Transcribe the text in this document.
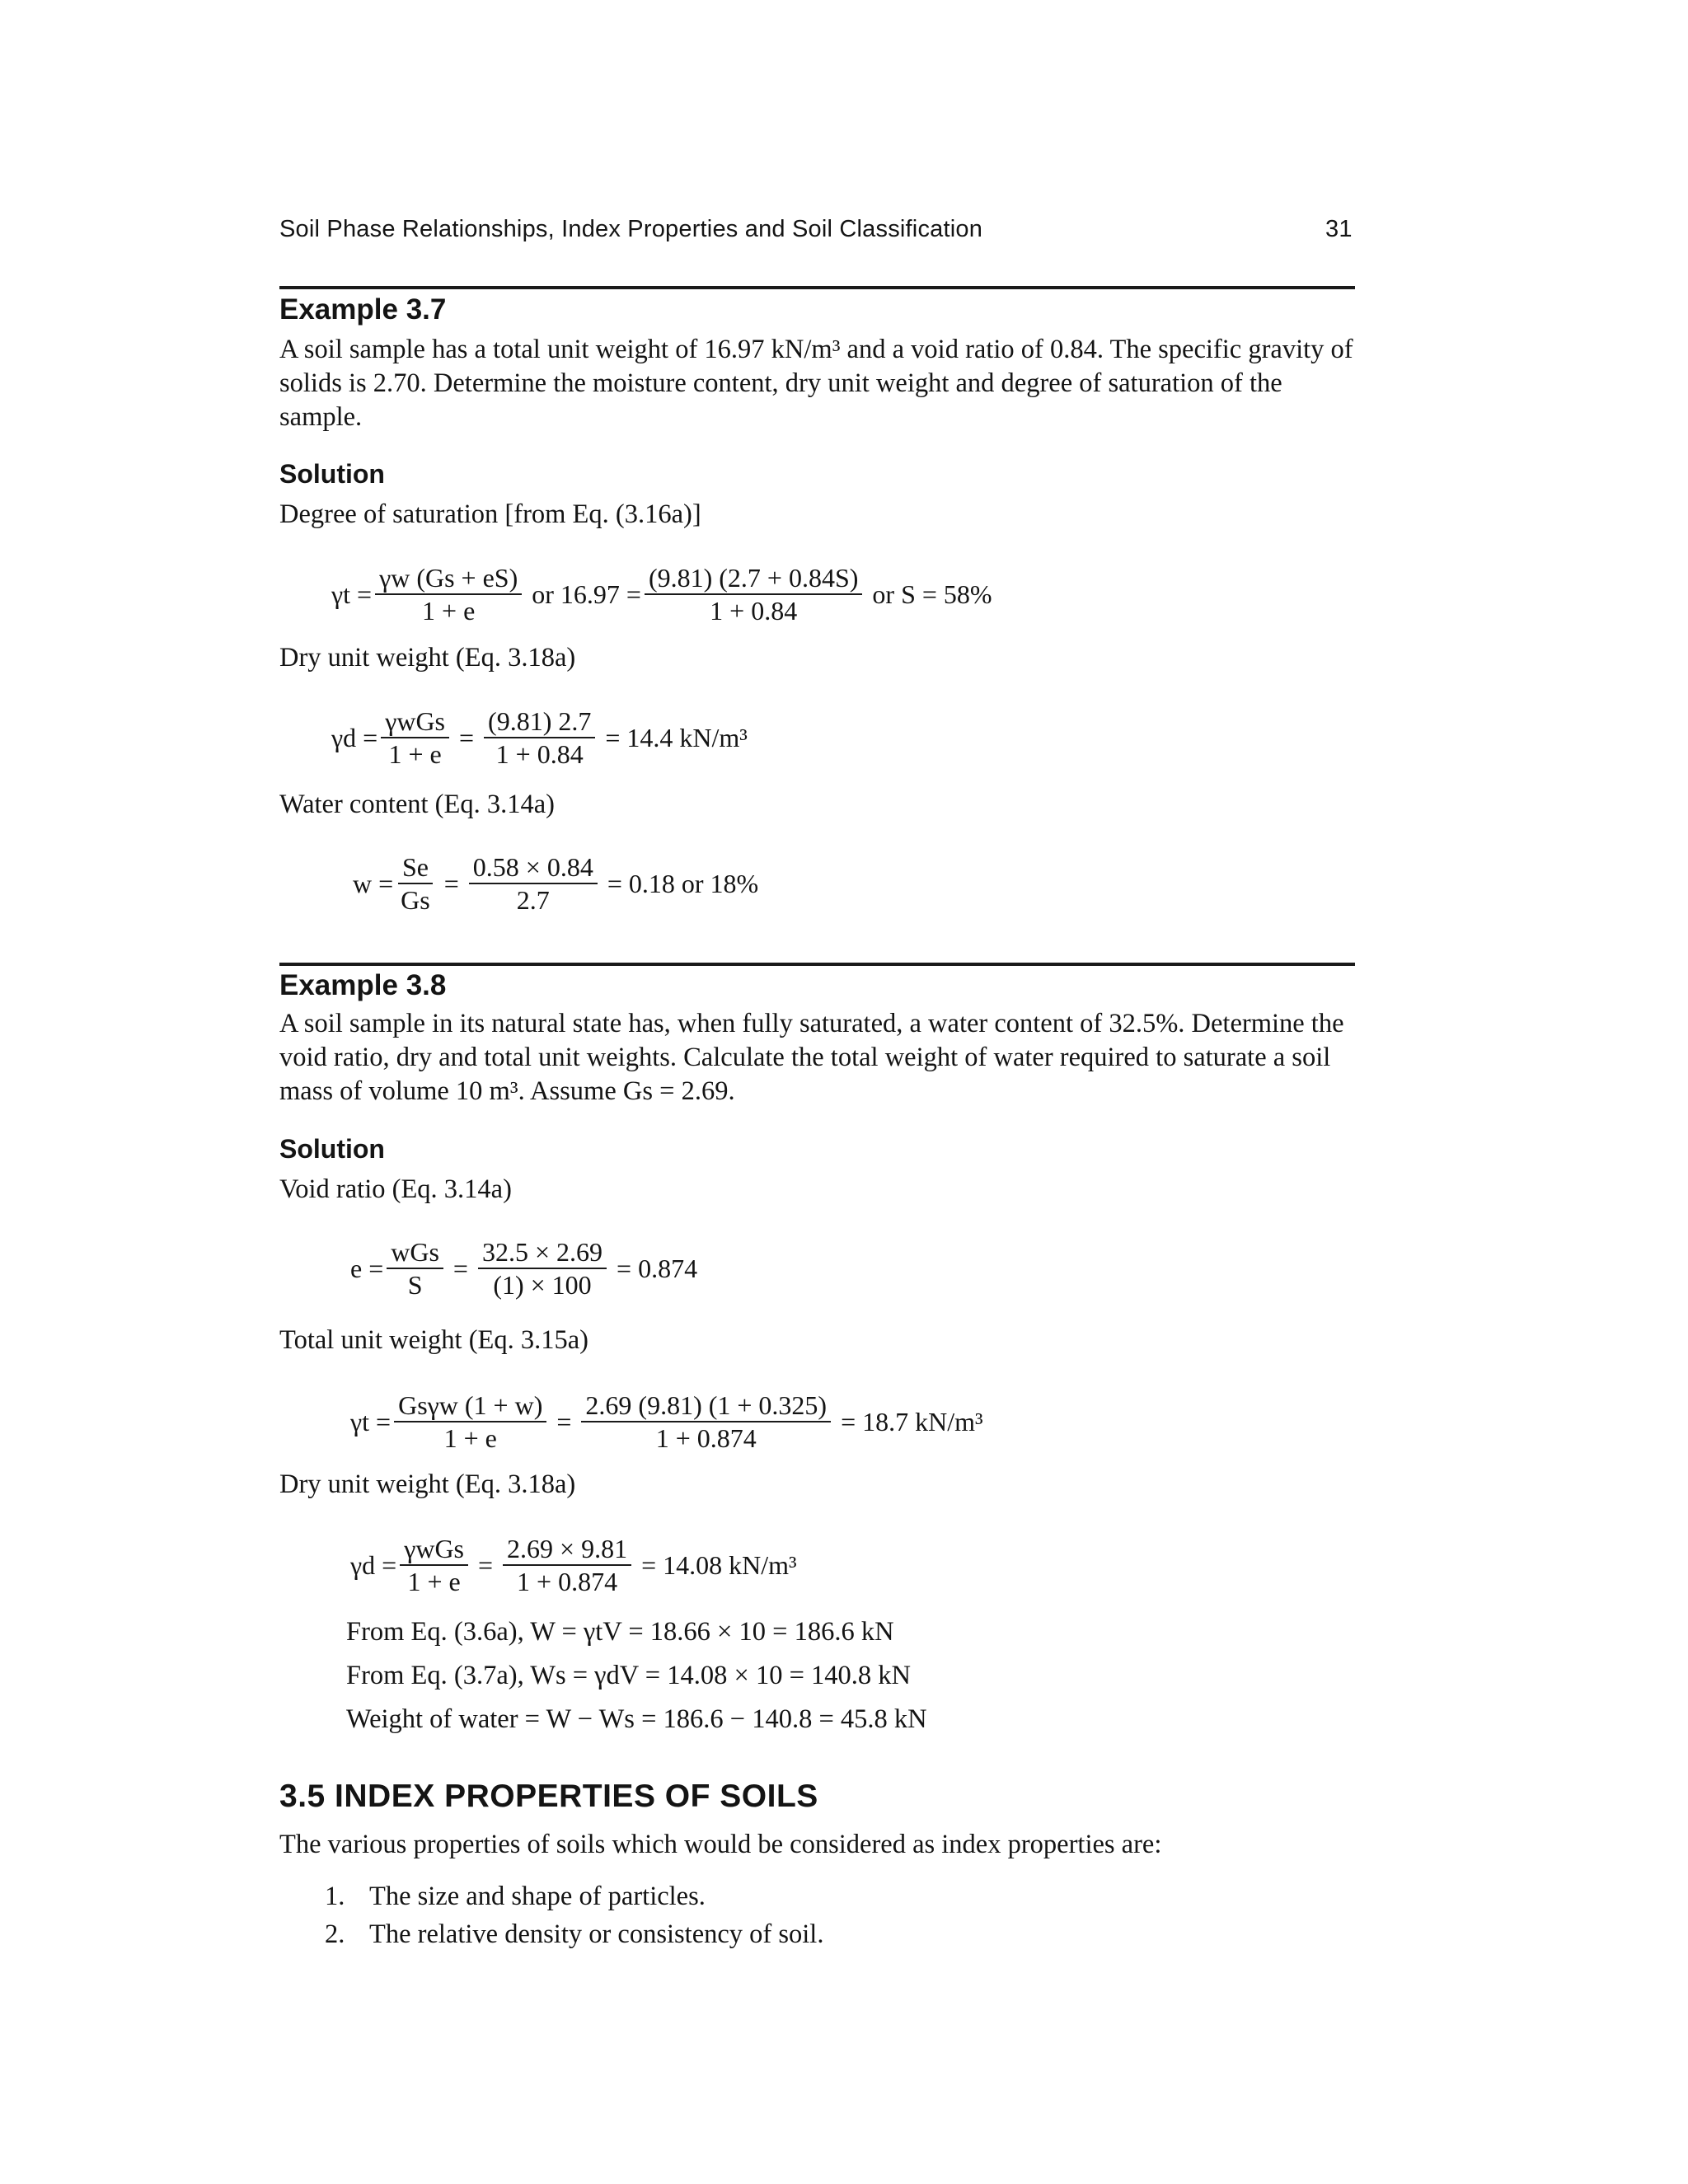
Soil Phase Relationships, Index Properties and Soil Classification	31
Example 3.7
A soil sample has a total unit weight of 16.97 kN/m³ and a void ratio of 0.84. The specific gravity of solids is 2.70. Determine the moisture content, dry unit weight and degree of saturation of the sample.
Solution
Degree of saturation [from Eq. (3.16a)]
$\gamma t = \frac{\gamma w (Gs + eS)}{1 + e}$ or $16.97 = \frac{(9.81) (2.7 + 0.84S)}{1 + 0.84}$ or S = 58%
Dry unit weight (Eq. 3.18a)
$\gamma d = \frac{\text{γwGs}}{1 + e} = \frac{(9.81) 2.7}{1 + 0.84} = 14.4$ kN/m³
Water content (Eq. 3.14a)
$w = \frac{Se}{Gs} = \frac{0.58 \times 0.84}{2.7} = 0.18$ or 18%
Example 3.8
A soil sample in its natural state has, when fully saturated, a water content of 32.5%. Determine the
void ratio, dry and total unit weights. Calculate the total weight of water required to saturate a soil
mass of volume 10 m³. Assume Gs = 2.69.
Solution
Void ratio (Eq. 3.14a)
$e = \frac{\text{wGs}}{S} = \frac{32.5 \times 2.69}{(1) \times 100} = 0.874$
Total unit weight (Eq. 3.15a)
$\gamma t = \frac{\text{Gsγw (1 + w)}}{1 + e} = \frac{2.69 (9.81) (1 + 0.325)}{1 + 0.874} = 18.7$ kN/m³
Dry unit weight (Eq. 3.18a)
$\gamma d = \frac{\text{γwGs}}{1 + e} = \frac{2.69 \times 9.81}{1 + 0.874} = 14.08$ kN/m³
From Eq. (3.6a), W = γtV = 18.66 × 10 = 186.6 kN
From Eq. (3.7a), Ws = γdV = 14.08 × 10 = 140.8 kN
Weight of water = W − Ws = 186.6 − 140.8 = 45.8 kN
3.5 INDEX PROPERTIES OF SOILS
The various properties of soils which would be considered as index properties are:
1. The size and shape of particles.
2. The relative density or consistency of soil.
